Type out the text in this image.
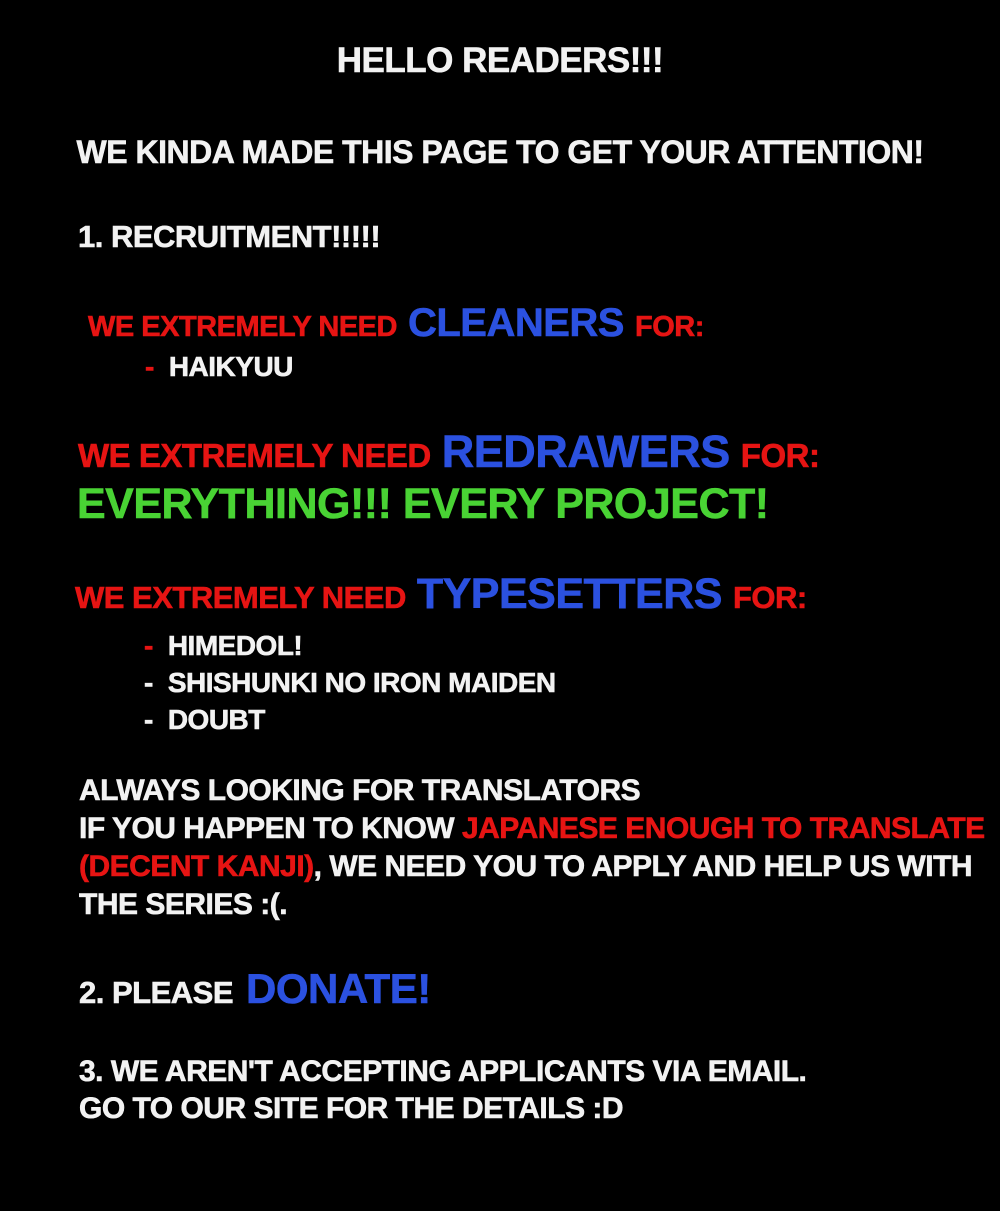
HELLO READERS!!!
WE KINDA MADE THIS PAGE TO GET YOUR ATTENTION!
1. RECRUITMENT!!!!!
WE EXTREMELY NEED CLEANERS FOR:
- HAIKYUU
WE EXTREMELY NEED REDRAWERS FOR:
EVERYTHING!!! EVERY PROJECT!
WE EXTREMELY NEED TYPESETTERS FOR:
- HIMEDOL!
- SHISHUNKI NO IRON MAIDEN
- DOUBT
ALWAYS LOOKING FOR TRANSLATORS
IF YOU HAPPEN TO KNOW JAPANESE ENOUGH TO TRANSLATE
(DECENT KANJI), WE NEED YOU TO APPLY AND HELP US WITH
THE SERIES :(.
2. PLEASE DONATE!
3. WE AREN'T ACCEPTING APPLICANTS VIA EMAIL.
GO TO OUR SITE FOR THE DETAILS :D
